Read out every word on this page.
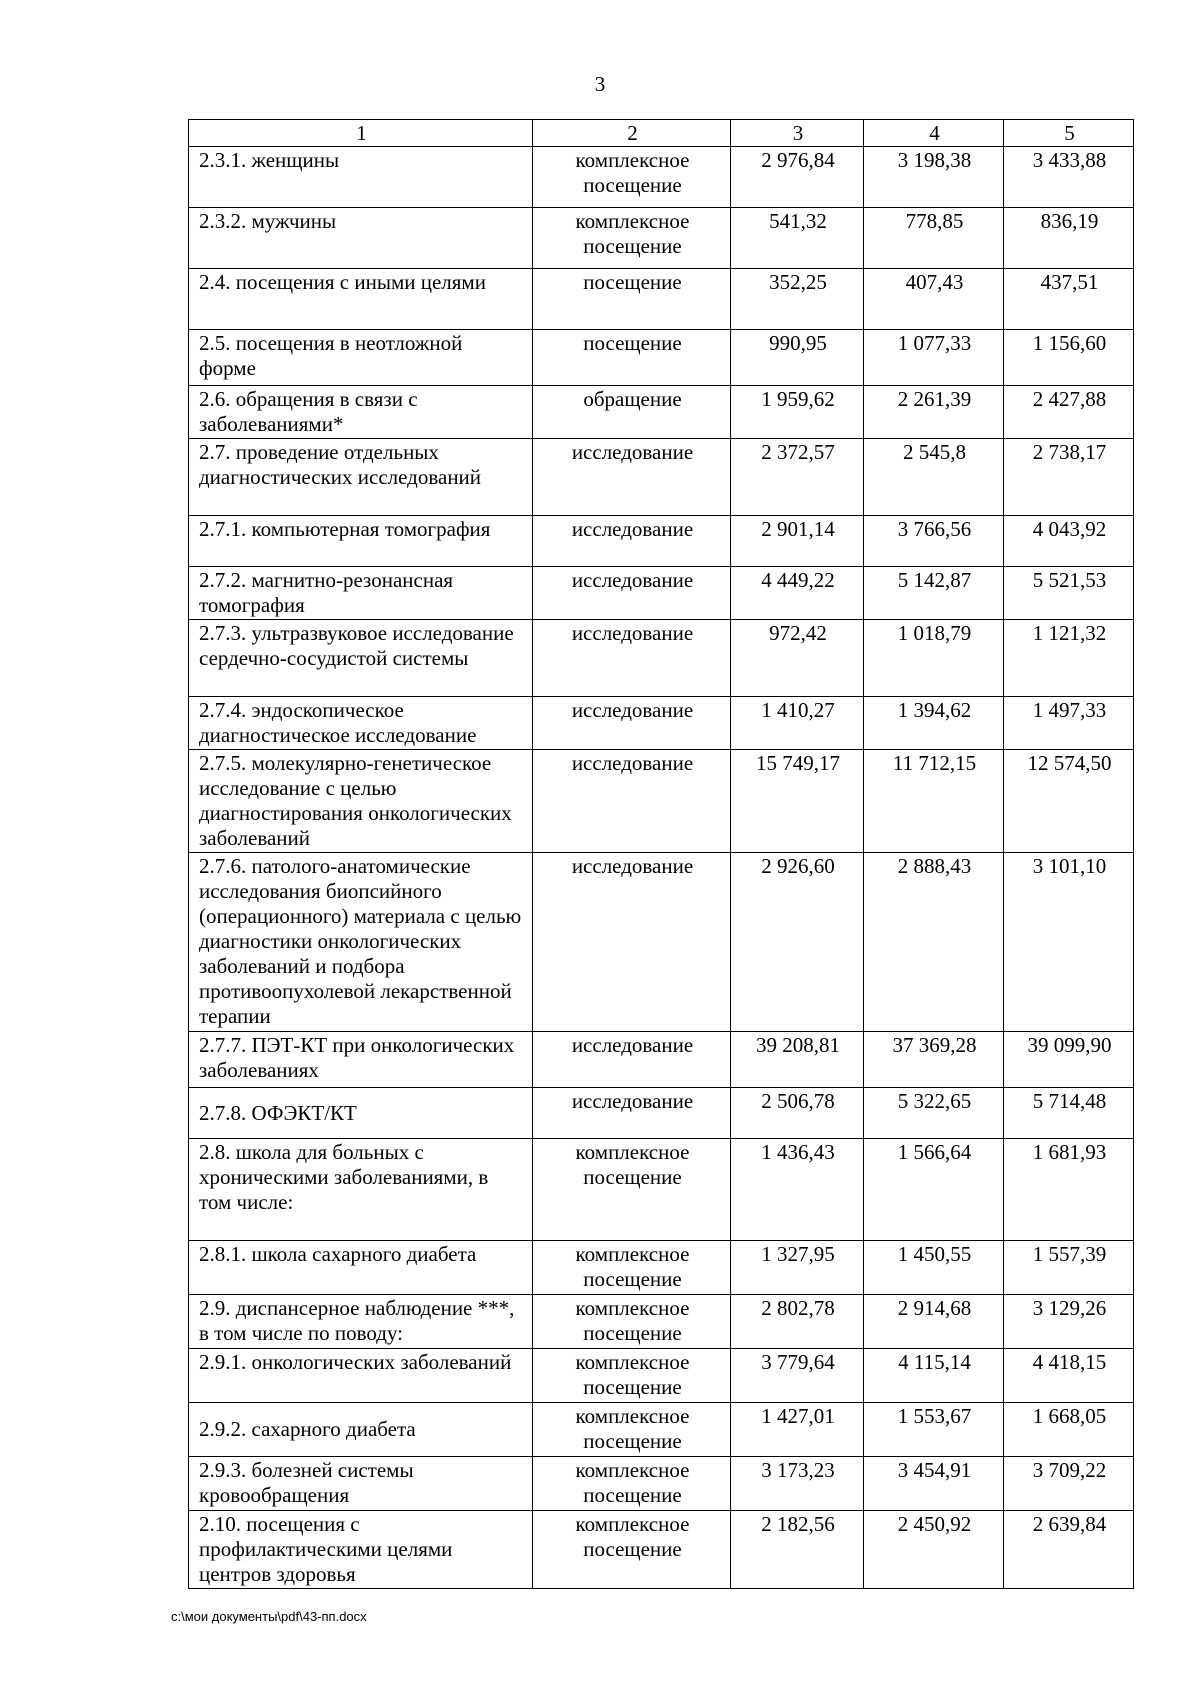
3
1	2	3	4	5
2.3.1. женщины	комплексное посещение	2 976,84	3 198,38	3 433,88
2.3.2. мужчины	комплексное посещение	541,32	778,85	836,19
2.4. посещения с иными целями	посещение	352,25	407,43	437,51
2.5. посещения в неотложной форме	посещение	990,95	1 077,33	1 156,60
2.6. обращения в связи с заболеваниями*	обращение	1 959,62	2 261,39	2 427,88
2.7. проведение отдельных диагностических исследований	исследование	2 372,57	2 545,8	2 738,17
2.7.1. компьютерная томография	исследование	2 901,14	3 766,56	4 043,92
2.7.2. магнитно-резонансная томография	исследование	4 449,22	5 142,87	5 521,53
2.7.3. ультразвуковое исследование сердечно-сосудистой системы	исследование	972,42	1 018,79	1 121,32
2.7.4. эндоскопическое диагностическое исследование	исследование	1 410,27	1 394,62	1 497,33
2.7.5. молекулярно-генетическое исследование с целью диагностирования онкологических заболеваний	исследование	15 749,17	11 712,15	12 574,50
2.7.6. патолого-анатомические исследования биопсийного (операционного) материала с целью диагностики онкологических заболеваний и подбора противоопухолевой лекарственной терапии	исследование	2 926,60	2 888,43	3 101,10
2.7.7. ПЭТ-КТ при онкологических заболеваниях	исследование	39 208,81	37 369,28	39 099,90
2.7.8. ОФЭКТ/КТ	исследование	2 506,78	5 322,65	5 714,48
2.8. школа для больных с хроническими заболеваниями, в том числе:	комплексное посещение	1 436,43	1 566,64	1 681,93
2.8.1. школа сахарного диабета	комплексное посещение	1 327,95	1 450,55	1 557,39
2.9. диспансерное наблюдение ***, в том числе по поводу:	комплексное посещение	2 802,78	2 914,68	3 129,26
2.9.1. онкологических заболеваний	комплексное посещение	3 779,64	4 115,14	4 418,15
2.9.2. сахарного диабета	комплексное посещение	1 427,01	1 553,67	1 668,05
2.9.3. болезней системы кровообращения	комплексное посещение	3 173,23	3 454,91	3 709,22
2.10. посещения с профилактическими целями центров здоровья	комплексное посещение	2 182,56	2 450,92	2 639,84
c:\мои документы\pdf\43-пп.docx
